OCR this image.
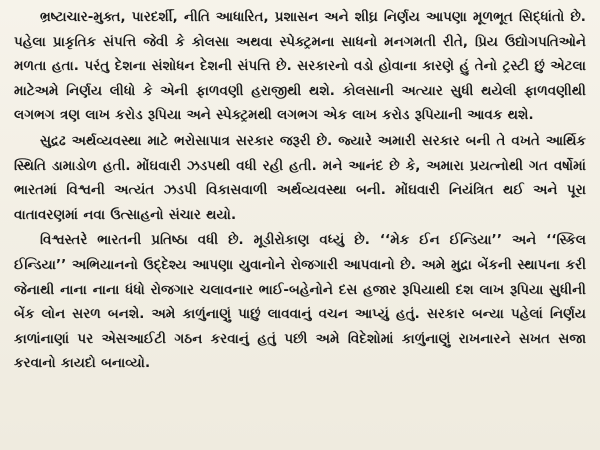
ભ્રષ્ટાચાર-મુક્ત, પારદર્શી, નીતિ આધારિત, પ્રશાસન અને શીઘ્ર નિર્ણય આપણા મૂળભૂત સિદ્ધાંતો છે. પહેલા પ્રાકૃતિક સંપત્તિ જેવી કે કોલસા અથવા સ્પેક્ટ્રમના સાધનો મનગમતી રીતે, પ્રિય ઉદ્યોગપતિઓને મળતા હતા. પરંતુ દેશના સંશોધન દેશની સંપત્તિ છે. સરકારનો વડો હોવાના કારણે હું તેનો ટ્રસ્ટી છું એટલા માટેઅમે નિર્ણય લીધો કે એની ફાળવણી હરાજીથી થશે. કોલસાની અત્યાર સુધી થયેલી ફાળવણીથી લગભગ ત્રણ લાખ કરોડ રૂપિયા અને સ્પેક્ટ્રમથી લગભગ એક લાખ કરોડ રૂપિયાની આવક થશે.

સુદ્રઢ અર્થવ્યવસ્થા માટે ભરોસાપાત્ર સરકાર જરૂરી છે. જ્યારે અમારી સરકાર બની તે વખતે આર્થિક સ્થિતિ ડામાડોળ હતી. મોંઘવારી ઝડપથી વધી રહી હતી. મને આનંદ છે કે, અમારા પ્રયત્નોથી ગત વર્ષોમાં ભારતમાં વિશ્વની અત્યંત ઝડપી વિકાસવાળી અર્થવ્યવસ્થા બની. મોંઘવારી નિયંત્રિત થઈ અને પૂરા વાતાવરણમાં નવા ઉત્સાહનો સંચાર થયો.

વિશ્વસ્તરે ભારતની પ્રતિષ્ઠા વધી છે. મૂડીરોકાણ વધ્યું છે. ‘‘મેક ઈન ઈન્ડિયા’’ અને ‘‘સ્કિલ ઈન્ડિયા’’ અભિયાનનો ઉદ્દેશ્ય આપણા યુવાનોને રોજગારી આપવાનો છે. અમે મુદ્રા બેંકની સ્થાપના કરી જેનાથી નાના નાના ધંધો રોજગાર ચલાવનાર ભાઈ-બહેનોને દસ હજાર રૂપિયાથી દશ લાખ રૂપિયા સુધીની બેંક લોન સરળ બનશે. અમે કાળુંનાણું પાછું લાવવાનું વચન આપ્યું હતું. સરકાર બન્યા પહેલાં નિર્ણય કાળાંનાણાં પર એસઆઈટી ગઠન કરવાનું હતું પછી અમે વિદેશોમાં કાળુંનાણું રાખનારને સખત સજા કરવાનો કાયદો બનાવ્યો.
